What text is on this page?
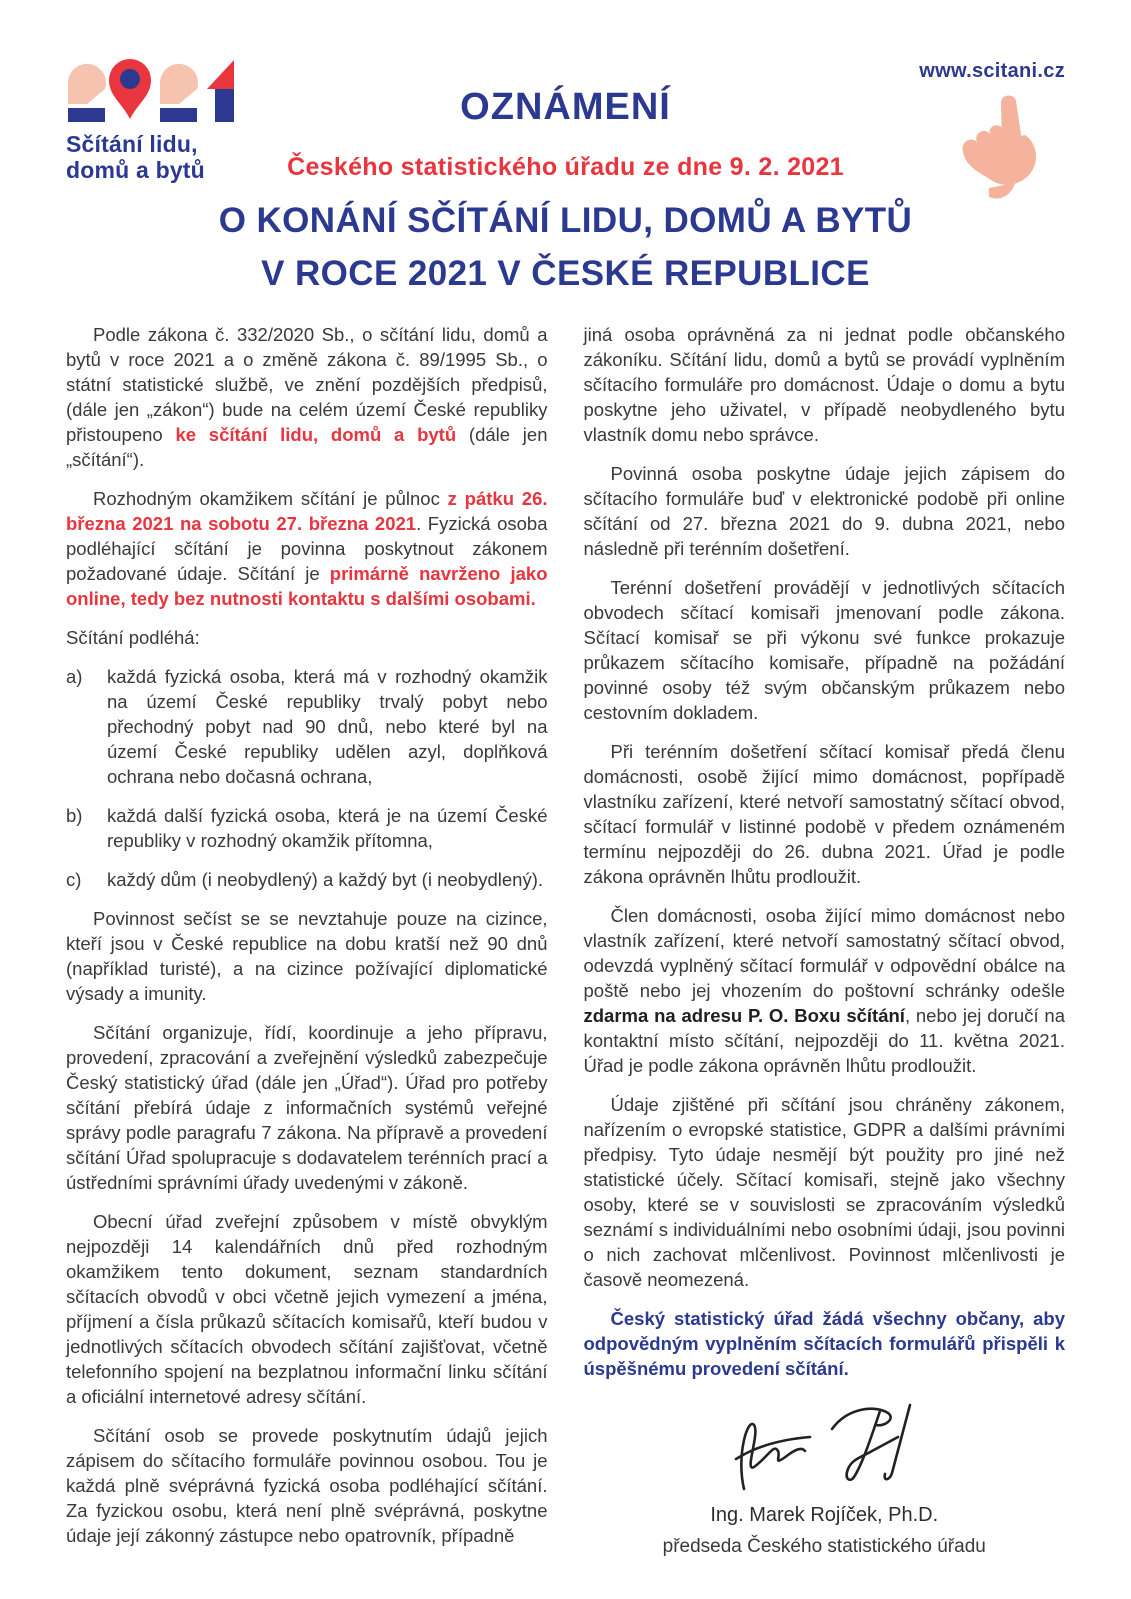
Sčítání lidu,
domů a bytů
OZNÁMENÍ
Českého statistického úřadu ze dne 9. 2. 2021
www.scitani.cz
O KONÁNÍ SČÍTÁNÍ LIDU, DOMŮ A BYTŮ
V ROCE 2021 V ČESKÉ REPUBLICE

Podle zákona č. 332/2020 Sb., o sčítání lidu, domů a bytů v roce 2021 a o změně zákona č. 89/1995 Sb., o státní statistické službě, ve znění pozdějších předpisů, (dále jen „zákon“) bude na celém území České republiky přistoupeno ke sčítání lidu, domů a bytů (dále jen „sčítání“).

Rozhodným okamžikem sčítání je půlnoc z pátku 26. března 2021 na sobotu 27. března 2021. Fyzická osoba podléhající sčítání je povinna poskytnout zákonem požadované údaje. Sčítání je primárně navrženo jako online, tedy bez nutnosti kontaktu s dalšími osobami.

Sčítání podléhá:

a) každá fyzická osoba, která má v rozhodný okamžik na území České republiky trvalý pobyt nebo přechodný pobyt nad 90 dnů, nebo které byl na území České republiky udělen azyl, doplňková ochrana nebo dočasná ochrana,
b) každá další fyzická osoba, která je na území České republiky v rozhodný okamžik přítomna,
c) každý dům (i neobydlený) a každý byt (i neobydlený).

Povinnost sečíst se se nevztahuje pouze na cizince, kteří jsou v České republice na dobu kratší než 90 dnů (například turisté), a na cizince požívající diplomatické výsady a imunity.

Sčítání organizuje, řídí, koordinuje a jeho přípravu, provedení, zpracování a zveřejnění výsledků zabezpečuje Český statistický úřad (dále jen „Úřad“). Úřad pro potřeby sčítání přebírá údaje z informačních systémů veřejné správy podle paragrafu 7 zákona. Na přípravě a provedení sčítání Úřad spolupracuje s dodavatelem terénních prací a ústředními správními úřady uvedenými v zákoně.

Obecní úřad zveřejní způsobem v místě obvyklým nejpozději 14 kalendářních dnů před rozhodným okamžikem tento dokument, seznam standardních sčítacích obvodů v obci včetně jejich vymezení a jména, příjmení a čísla průkazů sčítacích komisařů, kteří budou v jednotlivých sčítacích obvodech sčítání zajišťovat, včetně telefonního spojení na bezplatnou informační linku sčítání a oficiální internetové adresy sčítání.

Sčítání osob se provede poskytnutím údajů jejich zápisem do sčítacího formuláře povinnou osobou. Tou je každá plně svéprávná fyzická osoba podléhající sčítání. Za fyzickou osobu, která není plně svéprávná, poskytne údaje její zákonný zástupce nebo opatrovník, případně

jiná osoba oprávněná za ni jednat podle občanského zákoníku. Sčítání lidu, domů a bytů se provádí vyplněním sčítacího formuláře pro domácnost. Údaje o domu a bytu poskytne jeho uživatel, v případě neobydleného bytu vlastník domu nebo správce.

Povinná osoba poskytne údaje jejich zápisem do sčítacího formuláře buď v elektronické podobě při online sčítání od 27. března 2021 do 9. dubna 2021, nebo následně při terénním došetření.

Terénní došetření provádějí v jednotlivých sčítacích obvodech sčítací komisaři jmenovaní podle zákona. Sčítací komisař se při výkonu své funkce prokazuje průkazem sčítacího komisaře, případně na požádání povinné osoby též svým občanským průkazem nebo cestovním dokladem.

Při terénním došetření sčítací komisař předá členu domácnosti, osobě žijící mimo domácnost, popřípadě vlastníku zařízení, které netvoří samostatný sčítací obvod, sčítací formulář v listinné podobě v předem oznámeném termínu nejpozději do 26. dubna 2021. Úřad je podle zákona oprávněn lhůtu prodloužit.

Člen domácnosti, osoba žijící mimo domácnost nebo vlastník zařízení, které netvoří samostatný sčítací obvod, odevzdá vyplněný sčítací formulář v odpovědní obálce na poště nebo jej vhozením do poštovní schránky odešle zdarma na adresu P. O. Boxu sčítání, nebo jej doručí na kontaktní místo sčítání, nejpozději do 11. května 2021. Úřad je podle zákona oprávněn lhůtu prodloužit.

Údaje zjištěné při sčítání jsou chráněny zákonem, nařízením o evropské statistice, GDPR a dalšími právními předpisy. Tyto údaje nesmějí být použity pro jiné než statistické účely. Sčítací komisaři, stejně jako všechny osoby, které se v souvislosti se zpracováním výsledků seznámí s individuálními nebo osobními údaji, jsou povinni o nich zachovat mlčenlivost. Povinnost mlčenlivosti je časově neomezená.

Český statistický úřad žádá všechny občany, aby odpovědným vyplněním sčítacích formulářů přispěli k úspěšnému provedení sčítání.

Ing. Marek Rojíček, Ph.D.
předseda Českého statistického úřadu
